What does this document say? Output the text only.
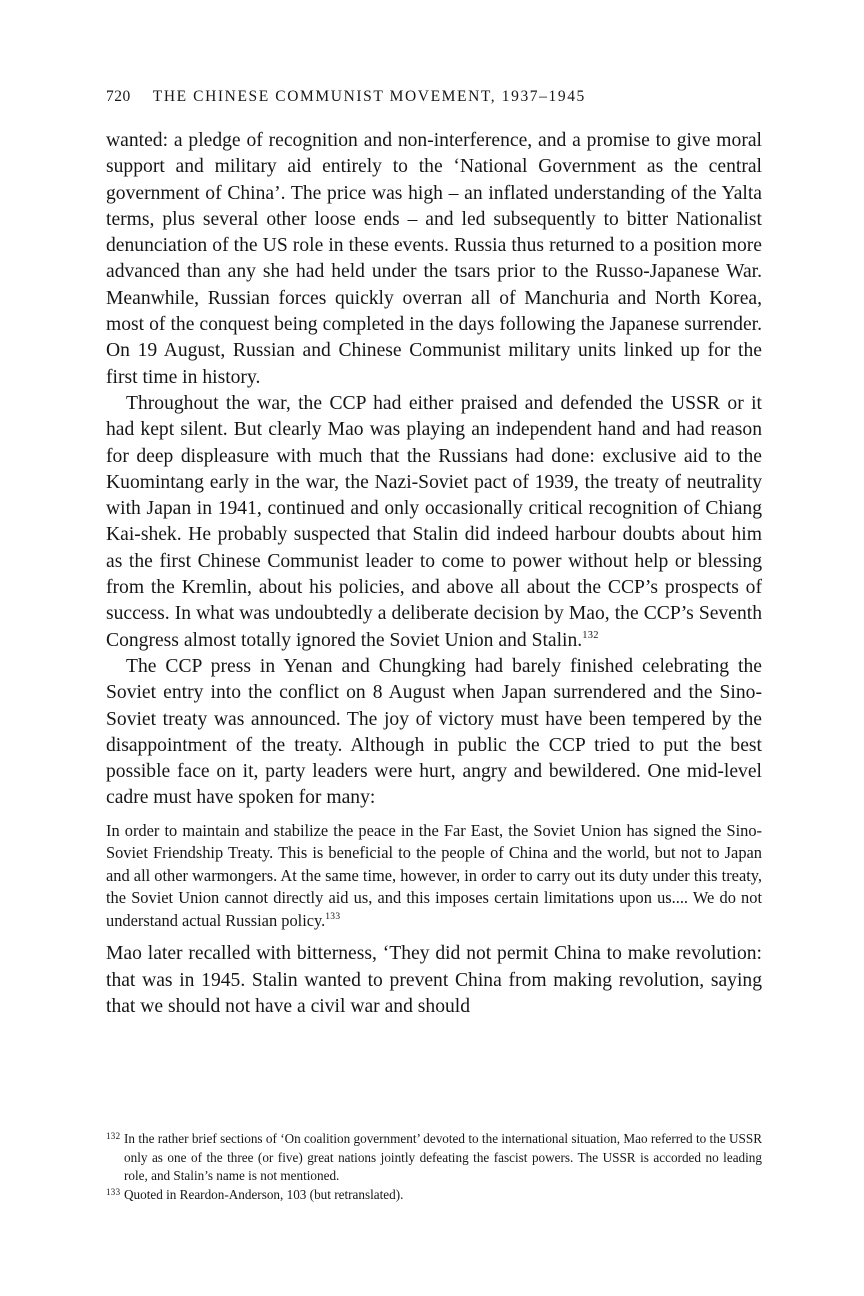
720 THE CHINESE COMMUNIST MOVEMENT, 1937–1945

wanted: a pledge of recognition and non-interference, and a promise to give moral support and military aid entirely to the ‘National Government as the central government of China’. The price was high – an inflated understanding of the Yalta terms, plus several other loose ends – and led subsequently to bitter Nationalist denunciation of the US role in these events. Russia thus returned to a position more advanced than any she had held under the tsars prior to the Russo-Japanese War. Meanwhile, Russian forces quickly overran all of Manchuria and North Korea, most of the conquest being completed in the days following the Japanese surrender. On 19 August, Russian and Chinese Communist military units linked up for the first time in history.

Throughout the war, the CCP had either praised and defended the USSR or it had kept silent. But clearly Mao was playing an independent hand and had reason for deep displeasure with much that the Russians had done: exclusive aid to the Kuomintang early in the war, the Nazi-Soviet pact of 1939, the treaty of neutrality with Japan in 1941, continued and only occasionally critical recognition of Chiang Kai-shek. He probably suspected that Stalin did indeed harbour doubts about him as the first Chinese Communist leader to come to power without help or blessing from the Kremlin, about his policies, and above all about the CCP’s prospects of success. In what was undoubtedly a deliberate decision by Mao, the CCP’s Seventh Congress almost totally ignored the Soviet Union and Stalin.$^{132}$

The CCP press in Yenan and Chungking had barely finished celebrating the Soviet entry into the conflict on 8 August when Japan surrendered and the Sino-Soviet treaty was announced. The joy of victory must have been tempered by the disappointment of the treaty. Although in public the CCP tried to put the best possible face on it, party leaders were hurt, angry and bewildered. One mid-level cadre must have spoken for many:

In order to maintain and stabilize the peace in the Far East, the Soviet Union has signed the Sino-Soviet Friendship Treaty. This is beneficial to the people of China and the world, but not to Japan and all other warmongers. At the same time, however, in order to carry out its duty under this treaty, the Soviet Union cannot directly aid us, and this imposes certain limitations upon us.... We do not understand actual Russian policy.$^{133}$

Mao later recalled with bitterness, ‘They did not permit China to make revolution: that was in 1945. Stalin wanted to prevent China from making revolution, saying that we should not have a civil war and should

132 In the rather brief sections of ‘On coalition government’ devoted to the international situation, Mao referred to the USSR only as one of the three (or five) great nations jointly defeating the fascist powers. The USSR is accorded no leading role, and Stalin’s name is not mentioned.

133 Quoted in Reardon-Anderson, 103 (but retranslated).
